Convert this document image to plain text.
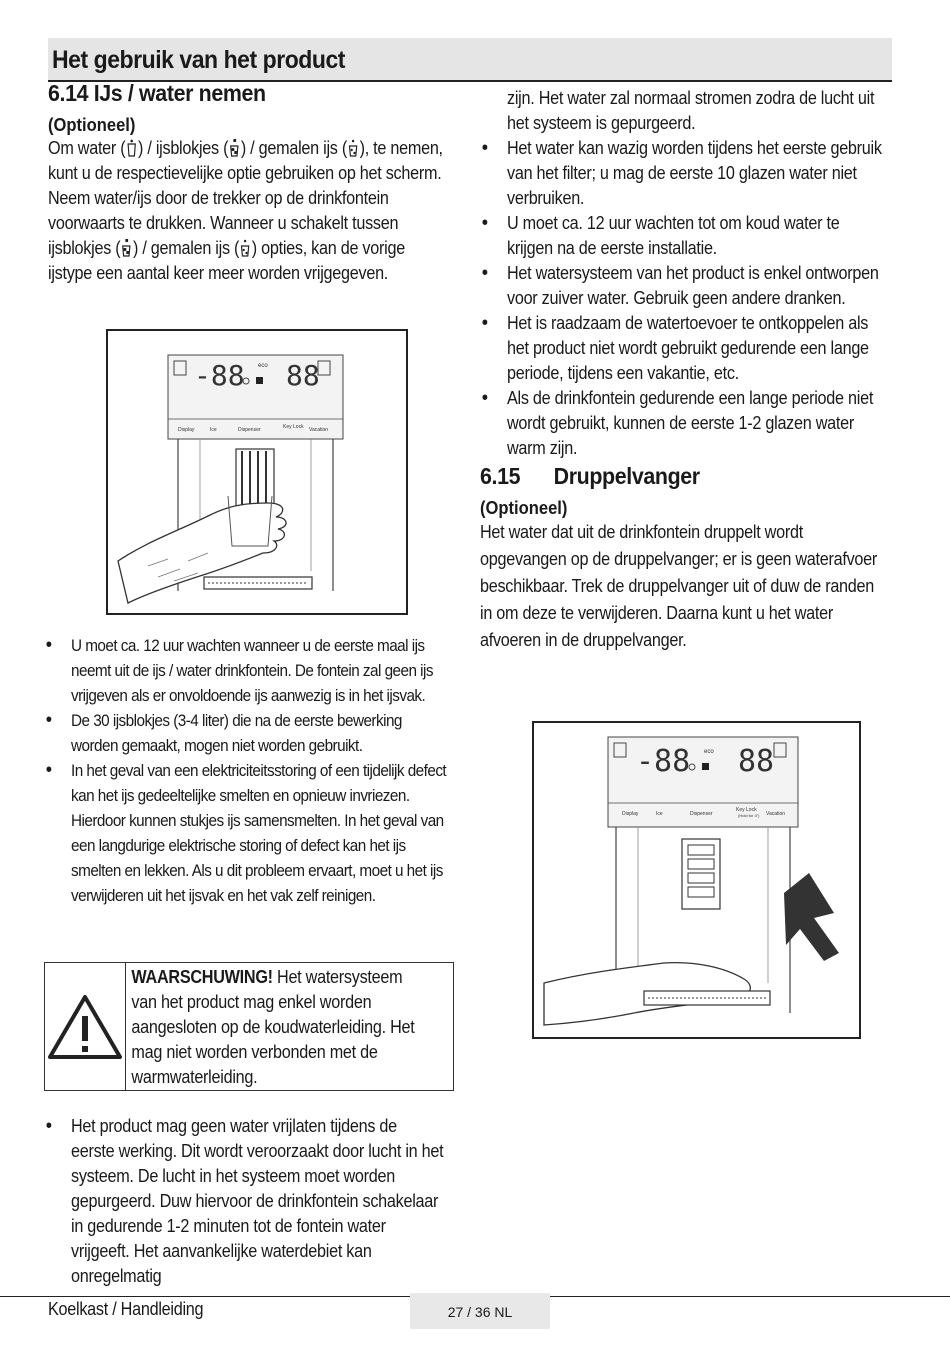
Het gebruik van het product
6.14 IJs / water nemen
(Optioneel)

Om water ( ) / ijsblokjes ( ) / gemalen ijs ( ), te nemen, kunt u de respectievelijke optie gebruiken op het scherm. Neem water/ijs door de trekker op de drinkfontein voorwaarts te drukken. Wanneer u schakelt tussen ijsblokjes ( ) / gemalen ijs ( ) opties, kan de vorige ijstype een aantal keer meer worden vrijgegeven.

-88 88
eco
Display	Ice	Dispenser	Key Lock Vacation
• U moet ca. 12 uur wachten wanneer u de eerste maal ijs neemt uit de ijs / water drinkfontein. De fontein zal geen ijs vrijgeven als er onvoldoende ijs aanwezig is in het ijsvak.
• De 30 ijsblokjes (3-4 liter) die na de eerste bewerking worden gemaakt, mogen niet worden gebruikt.
• In het geval van een elektriciteitsstoring of een tijdelijk defect kan het ijs gedeeltelijke smelten en opnieuw invriezen. Hierdoor kunnen stukjes ijs samensmelten. In het geval van een langdurige elektrische storing of defect kan het ijs smelten en lekken. Als u dit probleem ervaart, moet u het ijs verwijderen uit het ijsvak en het vak zelf reinigen.
WAARSCHUWING! Het watersysteem van het product mag enkel worden aangesloten op de koudwaterleiding. Het mag niet worden verbonden met de warmwaterleiding.
• Het product mag geen water vrijlaten tijdens de eerste werking. Dit wordt veroorzaakt door lucht in het systeem. De lucht in het systeem moet worden gepurgeerd. Duw hiervoor de drinkfontein schakelaar in gedurende 1-2 minuten tot de fontein water vrijgeeft. Het aanvankelijke waterdebiet kan onregelmatig

zijn. Het water zal normaal stromen zodra de lucht uit het systeem is gepurgeerd.

• Het water kan wazig worden tijdens het eerste gebruik van het filter; u mag de eerste 10 glazen water niet verbruiken.
• U moet ca. 12 uur wachten tot om koud water te krijgen na de eerste installatie.
• Het watersysteem van het product is enkel ontworpen voor zuiver water. Gebruik geen andere dranken.
• Het is raadzaam de watertoevoer te ontkoppelen als het product niet wordt gebruikt gedurende een lange periode, tijdens een vakantie, etc.
• Als de drinkfontein gedurende een lange periode niet wordt gebruikt, kunnen de eerste 1-2 glazen water warm zijn.
6.15 Druppelvanger
(Optioneel)

Het water dat uit de drinkfontein druppelt wordt opgevangen op de druppelvanger; er is geen waterafvoer beschikbaar. Trek de druppelvanger uit of duw de randen in om deze te verwijderen. Daarna kunt u het water afvoeren in de druppelvanger.

-88 88
eco
Display	Ice	Dispenser
Key Lock
(Hold for 3") Vacation
Koelkast / Handleiding	27 / 36 NL
